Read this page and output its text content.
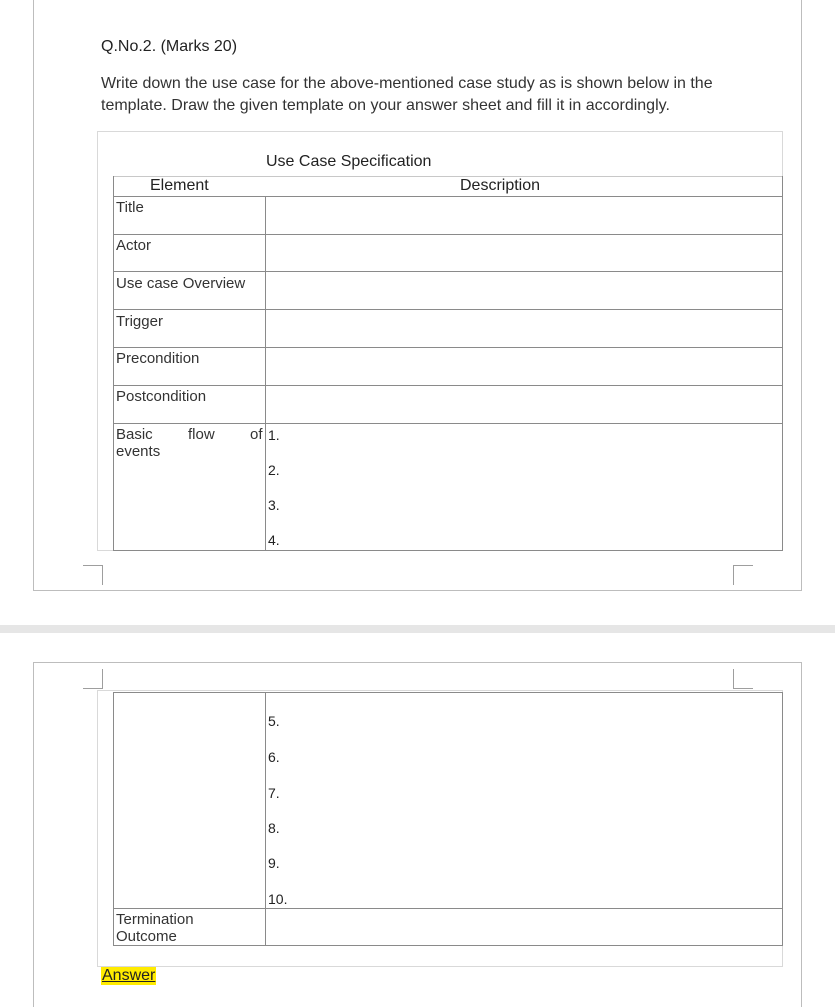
Q.No.2. (Marks 20)
Write down the use case for the above-mentioned case study as is shown below in the template. Draw the given template on your answer sheet and fill it in accordingly.
Use Case Specification
Element	Description
Title
Actor
Use case Overview
Trigger
Precondition
Postcondition
Basic flow of
events
1.
2.
3.
4.
5.
6.
7.
8.
9.
10.
Termination
Outcome
Answer
